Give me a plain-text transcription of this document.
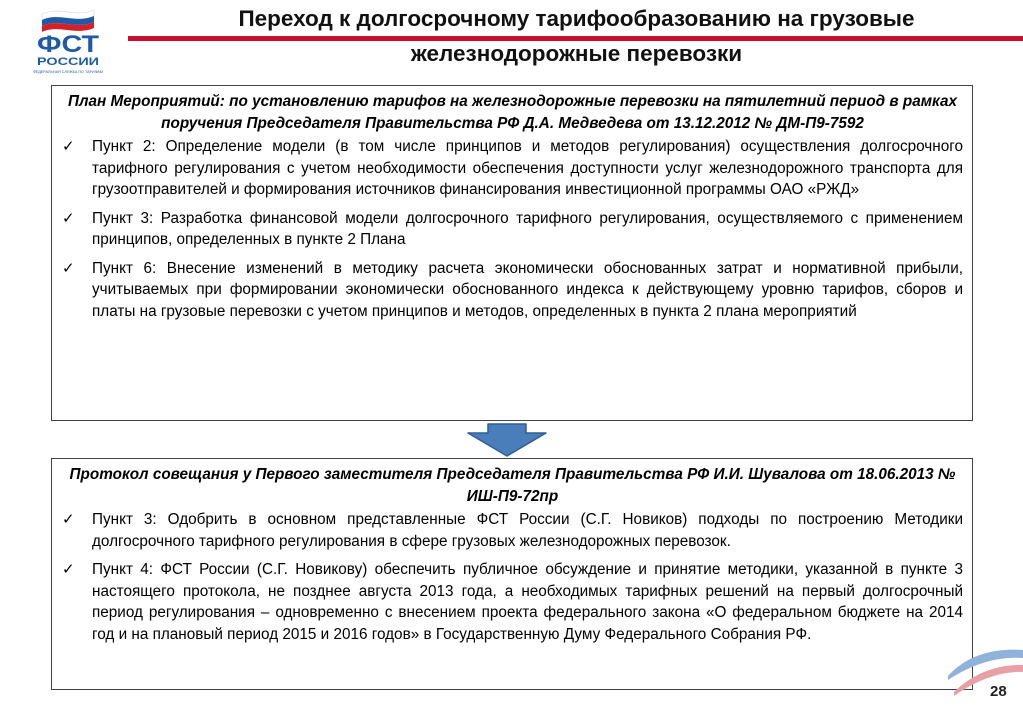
ФСТ
РОССИИ
ФЕДЕРАЛЬНАЯ СЛУЖБА ПО ТАРИФАМ
Переход к долгосрочному тарифообразованию на грузовые
железнодорожные перевозки
План Мероприятий: по установлению тарифов на железнодорожные перевозки на пятилетний период в рамках поручения Председателя Правительства РФ Д.А. Медведева от 13.12.2012 № ДМ-П9-7592
✓	Пункт 2: Определение модели (в том числе принципов и методов регулирования) осуществления долгосрочного тарифного регулирования с учетом необходимости обеспечения доступности услуг железнодорожного транспорта для грузоотправителей и формирования источников финансирования инвестиционной программы ОАО «РЖД»
✓	Пункт 3: Разработка финансовой модели долгосрочного тарифного регулирования, осуществляемого с применением принципов, определенных в пункте 2 Плана
✓	Пункт 6: Внесение изменений в методику расчета экономически обоснованных затрат и нормативной прибыли, учитываемых при формировании экономически обоснованного индекса к действующему уровню тарифов, сборов и платы на грузовые перевозки с учетом принципов и методов, определенных в пункта 2 плана мероприятий
Протокол совещания у Первого заместителя Председателя Правительства РФ И.И. Шувалова от 18.06.2013 № ИШ-П9-72пр
✓	Пункт 3: Одобрить в основном представленные ФСТ России (С.Г. Новиков) подходы по построению Методики долгосрочного тарифного регулирования в сфере грузовых железнодорожных перевозок.
✓	Пункт 4: ФСТ России (С.Г. Новикову) обеспечить публичное обсуждение и принятие методики, указанной в пункте 3 настоящего протокола, не позднее августа 2013 года, а необходимых тарифных решений на первый долгосрочный период регулирования – одновременно с внесением проекта федерального закона «О федеральном бюджете на 2014 год и на плановый период 2015 и 2016 годов» в Государственную Думу Федерального Собрания РФ.
28
